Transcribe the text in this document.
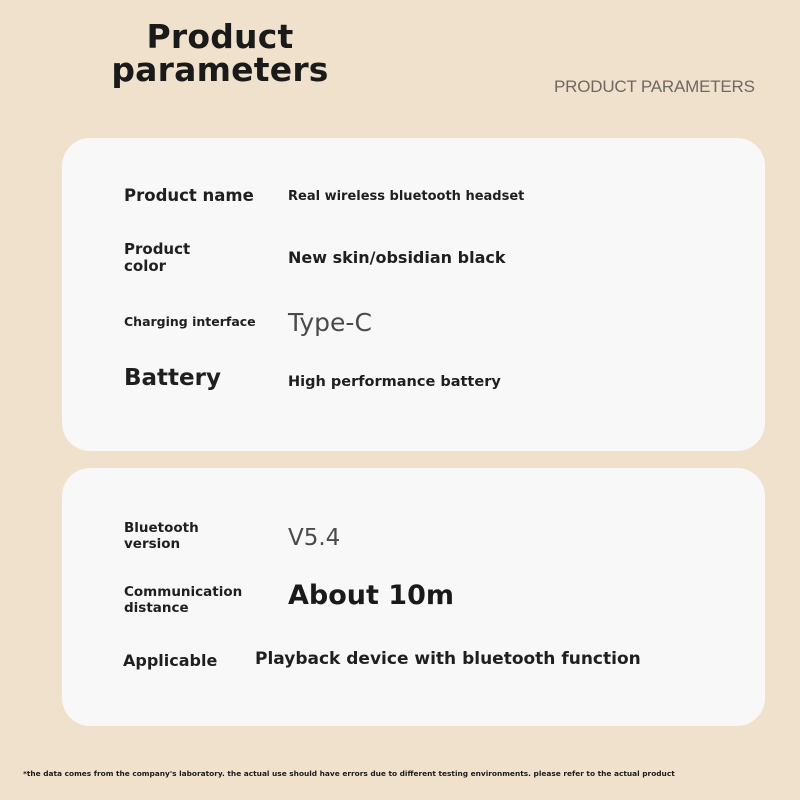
Product
parameters	PRODUCT PARAMETERS
Product name	Real wireless bluetooth headset
Product
color	New skin/obsidian black
Charging interface Type-C
Battery	High performance battery
Bluetooth
version	V5.4
Communication
distance	About 10m
Applicable Playback device with bluetooth function
*the data comes from the company's laboratory. the actual use should have errors due to different testing environments. please refer to the actual product
